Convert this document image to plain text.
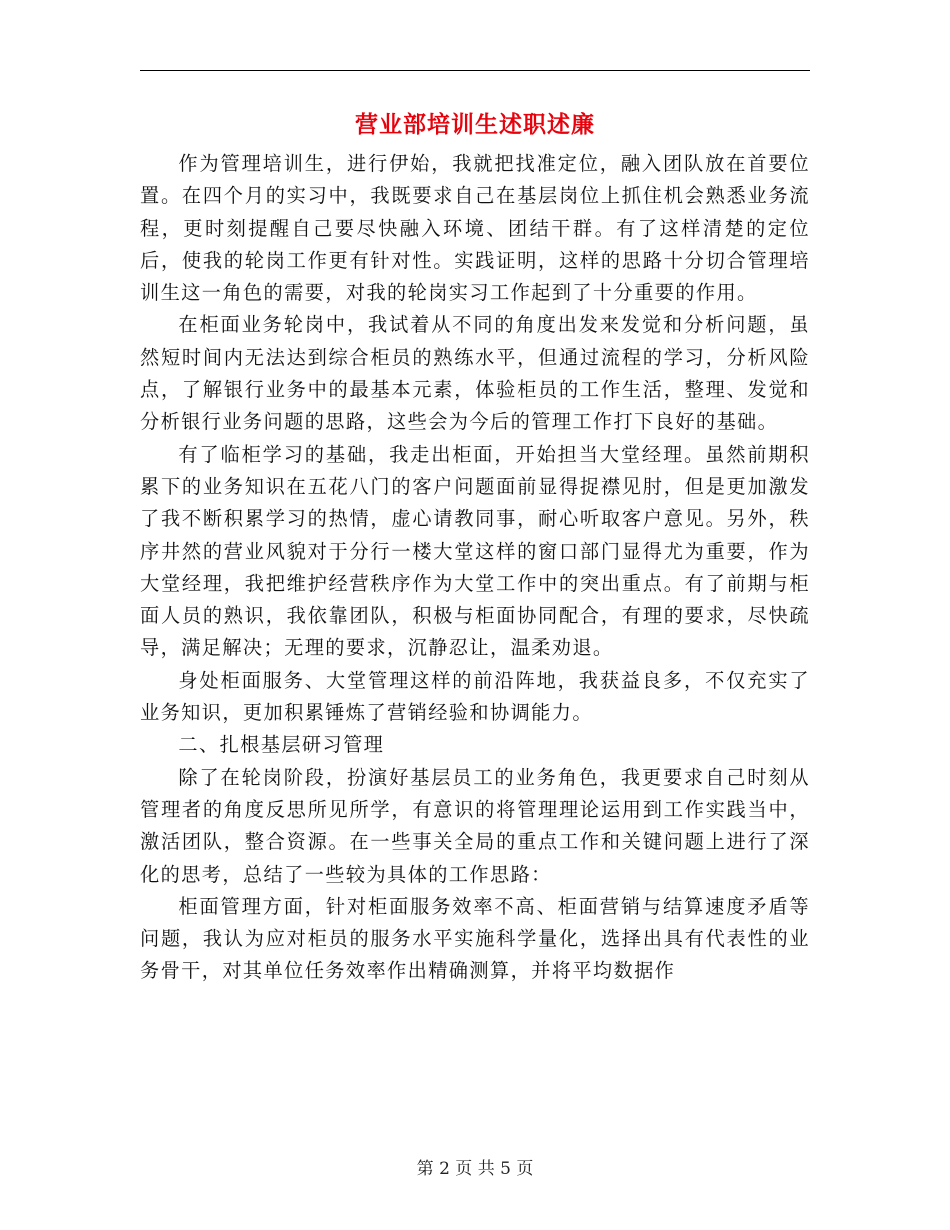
营业部培训生述职述廉

作为管理培训生，进行伊始，我就把找准定位，融入团队放在首要位置。在四个月的实习中，我既要求自己在基层岗位上抓住机会熟悉业务流程，更时刻提醒自己要尽快融入环境、团结干群。有了这样清楚的定位后，使我的轮岗工作更有针对性。实践证明，这样的思路十分切合管理培训生这一角色的需要，对我的轮岗实习工作起到了十分重要的作用。

在柜面业务轮岗中，我试着从不同的角度出发来发觉和分析问题，虽然短时间内无法达到综合柜员的熟练水平，但通过流程的学习，分析风险点，了解银行业务中的最基本元素，体验柜员的工作生活，整理、发觉和分析银行业务问题的思路，这些会为今后的管理工作打下良好的基础。

有了临柜学习的基础，我走出柜面，开始担当大堂经理。虽然前期积累下的业务知识在五花八门的客户问题面前显得捉襟见肘，但是更加激发了我不断积累学习的热情，虚心请教同事，耐心听取客户意见。另外，秩序井然的营业风貌对于分行一楼大堂这样的窗口部门显得尤为重要，作为大堂经理，我把维护经营秩序作为大堂工作中的突出重点。有了前期与柜面人员的熟识，我依靠团队，积极与柜面协同配合，有理的要求，尽快疏导，满足解决；无理的要求，沉静忍让，温柔劝退。

身处柜面服务、大堂管理这样的前沿阵地，我获益良多，不仅充实了业务知识，更加积累锤炼了营销经验和协调能力。

二、扎根基层研习管理

除了在轮岗阶段，扮演好基层员工的业务角色，我更要求自己时刻从管理者的角度反思所见所学，有意识的将管理理论运用到工作实践当中，激活团队，整合资源。在一些事关全局的重点工作和关键问题上进行了深化的思考，总结了一些较为具体的工作思路：

柜面管理方面，针对柜面服务效率不高、柜面营销与结算速度矛盾等问题，我认为应对柜员的服务水平实施科学量化，选择出具有代表性的业务骨干，对其单位任务效率作出精确测算，并将平均数据作

第 2 页 共 5 页
